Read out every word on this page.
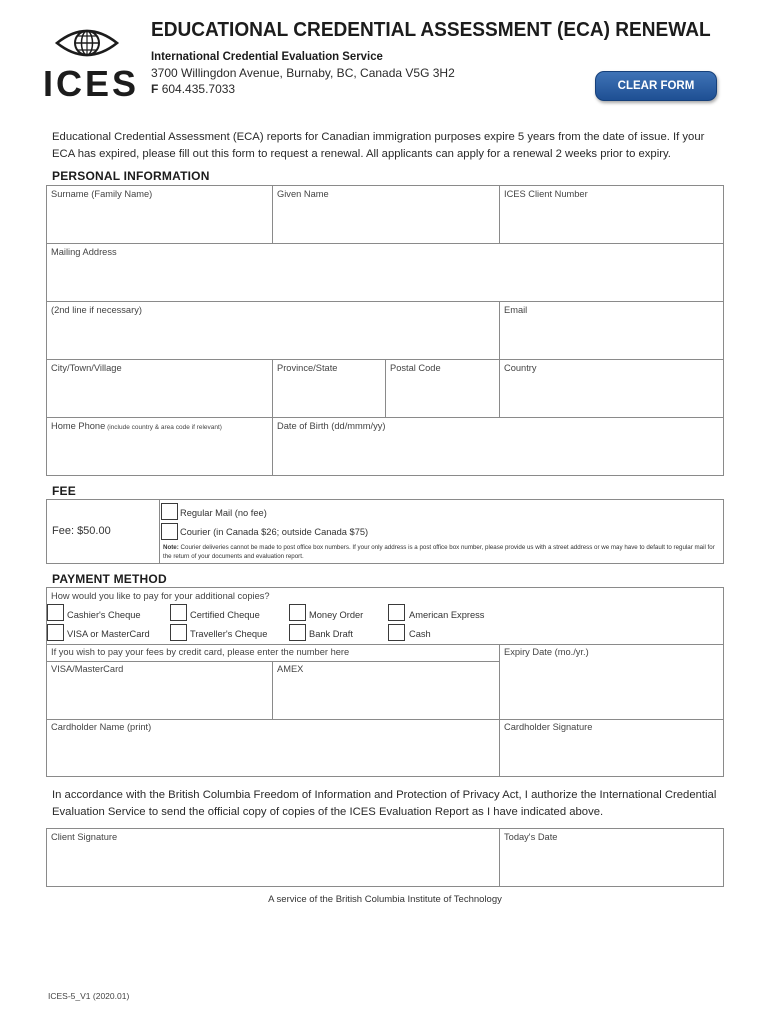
ICES
EDUCATIONAL CREDENTIAL ASSESSMENT (ECA) RENEWAL
International Credential Evaluation Service
3700 Willingdon Avenue, Burnaby, BC, Canada V5G 3H2
F 604.435.7033	CLEAR FORM
Educational Credential Assessment (ECA) reports for Canadian immigration purposes expire 5 years from the date of issue. If your ECA has expired, please fill out this form to request a renewal. All applicants can apply for a renewal 2 weeks prior to expiry.
PERSONAL INFORMATION
Surname (Family Name)	Given Name	ICES Client Number
Mailing Address
(2nd line if necessary)	Email
City/Town/Village	Province/State	Postal Code	Country
Home Phone (include country & area code if relevant)	Date of Birth (dd/mmm/yy)
FEE
Fee: $50.00
Regular Mail (no fee)
Courier (in Canada $26; outside Canada $75)
Note: Courier deliveries cannot be made to post office box numbers. If your only address is a post office box number, please provide us with a street address or we may have to default to regular mail for the return of your documents and evaluation report.
PAYMENT METHOD
How would you like to pay for your additional copies?
Cashier's Cheque	Certified Cheque	Money Order	American Express
VISA or MasterCard	Traveller's Cheque	Bank Draft	Cash
If you wish to pay your fees by credit card, please enter the number here	Expiry Date (mo./yr.)
VISA/MasterCard	AMEX
Cardholder Name (print)	Cardholder Signature
In accordance with the British Columbia Freedom of Information and Protection of Privacy Act, I authorize the International Credential Evaluation Service to send the official copy of copies of the ICES Evaluation Report as I have indicated above.
Client Signature	Today's Date
A service of the British Columbia Institute of Technology
ICES-5_V1 (2020.01)
